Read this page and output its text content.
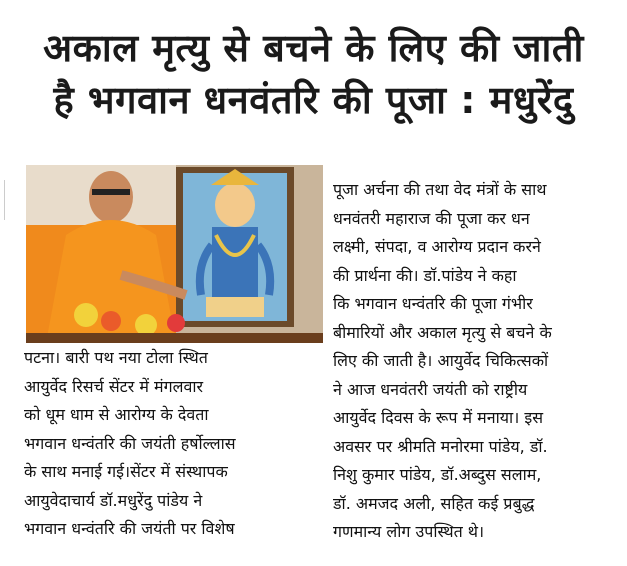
अकाल मृत्यु से बचने के लिए की जाती
है भगवान धनवंतरि की पूजा : मधुरेंदु
पटना। बारी पथ नया टोला स्थित
आयुर्वेद रिसर्च सेंटर में मंगलवार
को धूम धाम से आरोग्य के देवता
भगवान धन्वंतरि की जयंती हर्षोल्लास
के साथ मनाई गई।सेंटर में संस्थापक
आयुवेदाचार्य डॉ.मधुरेंदु पांडेय ने
भगवान धन्वंतरि की जयंती पर विशेष
पूजा अर्चना की तथा वेद मंत्रों के साथ
धनवंतरी महाराज की पूजा कर धन
लक्ष्मी, संपदा, व आरोग्य प्रदान करने
की प्रार्थना की। डॉ.पांडेय ने कहा
कि भगवान धन्वंतरि की पूजा गंभीर
बीमारियों और अकाल मृत्यु से बचने के
लिए की जाती है। आयुर्वेद चिकित्सकों
ने आज धनवंतरी जयंती को राष्ट्रीय
आयुर्वेद दिवस के रूप में मनाया। इस
अवसर पर श्रीमति मनोरमा पांडेय, डॉ.
निशु कुमार पांडेय, डॉ.अब्दुस सलाम,
डॉ. अमजद अली, सहित कई प्रबुद्ध
गणमान्य लोग उपस्थित थे।
